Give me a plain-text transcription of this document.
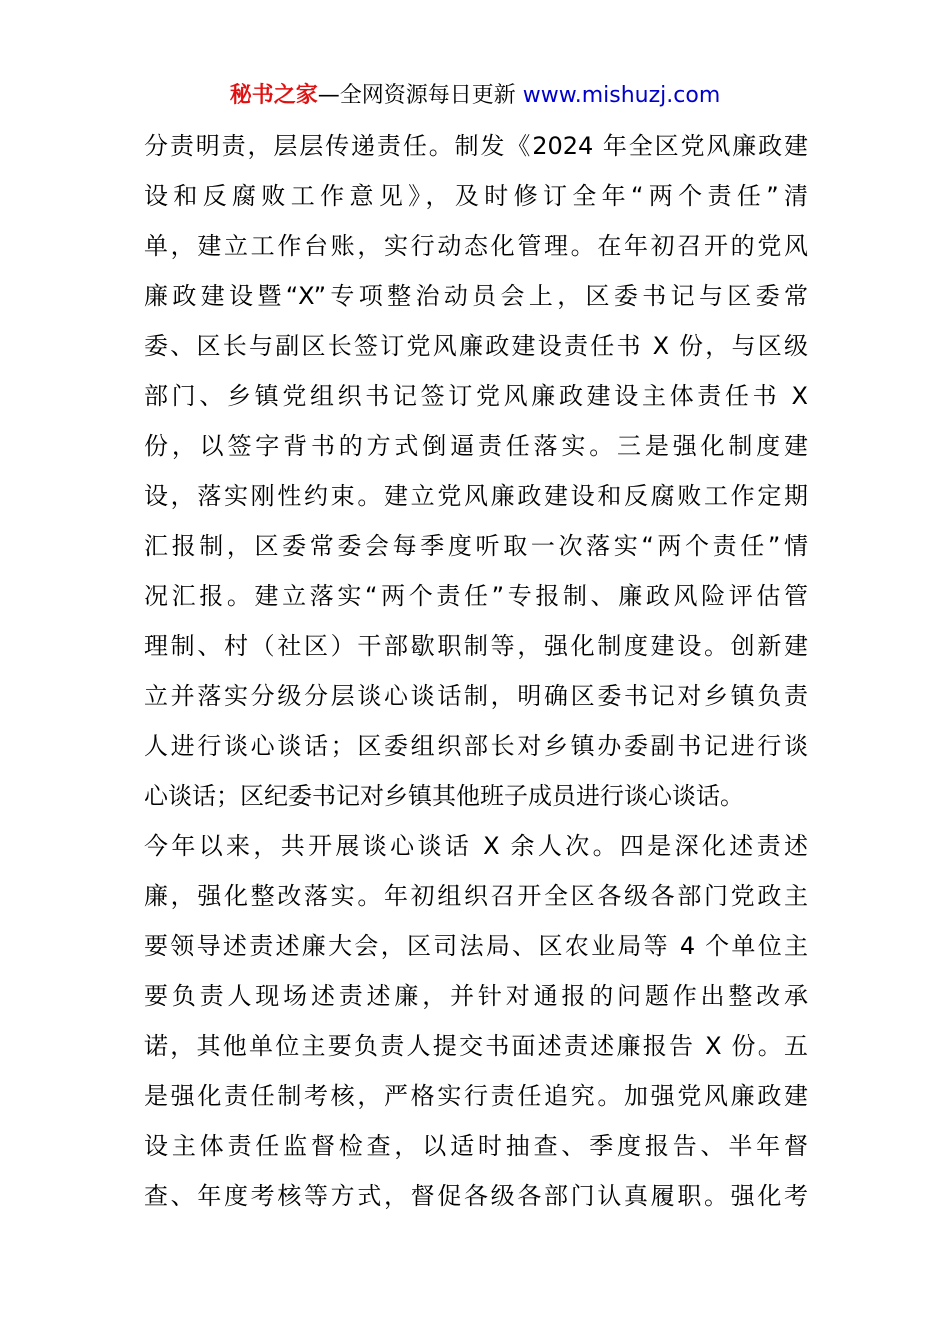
秘书之家—全网资源每日更新 www.mishuzj.com
分责明责，层层传递责任。制发《2024 年全区党风廉政建
设和反腐败工作意见》，及时修订全年“两个责任”清
单，建立工作台账，实行动态化管理。在年初召开的党风
廉政建设暨“X”专项整治动员会上，区委书记与区委常
委、区长与副区长签订党风廉政建设责任书 X 份，与区级
部门、乡镇党组织书记签订党风廉政建设主体责任书 X
份，以签字背书的方式倒逼责任落实。三是强化制度建
设，落实刚性约束。建立党风廉政建设和反腐败工作定期
汇报制，区委常委会每季度听取一次落实“两个责任”情
况汇报。建立落实“两个责任”专报制、廉政风险评估管
理制、村（社区）干部歇职制等，强化制度建设。创新建
立并落实分级分层谈心谈话制，明确区委书记对乡镇负责
人进行谈心谈话；区委组织部长对乡镇办委副书记进行谈
心谈话；区纪委书记对乡镇其他班子成员进行谈心谈话。
今年以来，共开展谈心谈话 X 余人次。四是深化述责述
廉，强化整改落实。年初组织召开全区各级各部门党政主
要领导述责述廉大会，区司法局、区农业局等 4 个单位主
要负责人现场述责述廉，并针对通报的问题作出整改承
诺，其他单位主要负责人提交书面述责述廉报告 X 份。五
是强化责任制考核，严格实行责任追究。加强党风廉政建
设主体责任监督检查，以适时抽查、季度报告、半年督
查、年度考核等方式，督促各级各部门认真履职。强化考
